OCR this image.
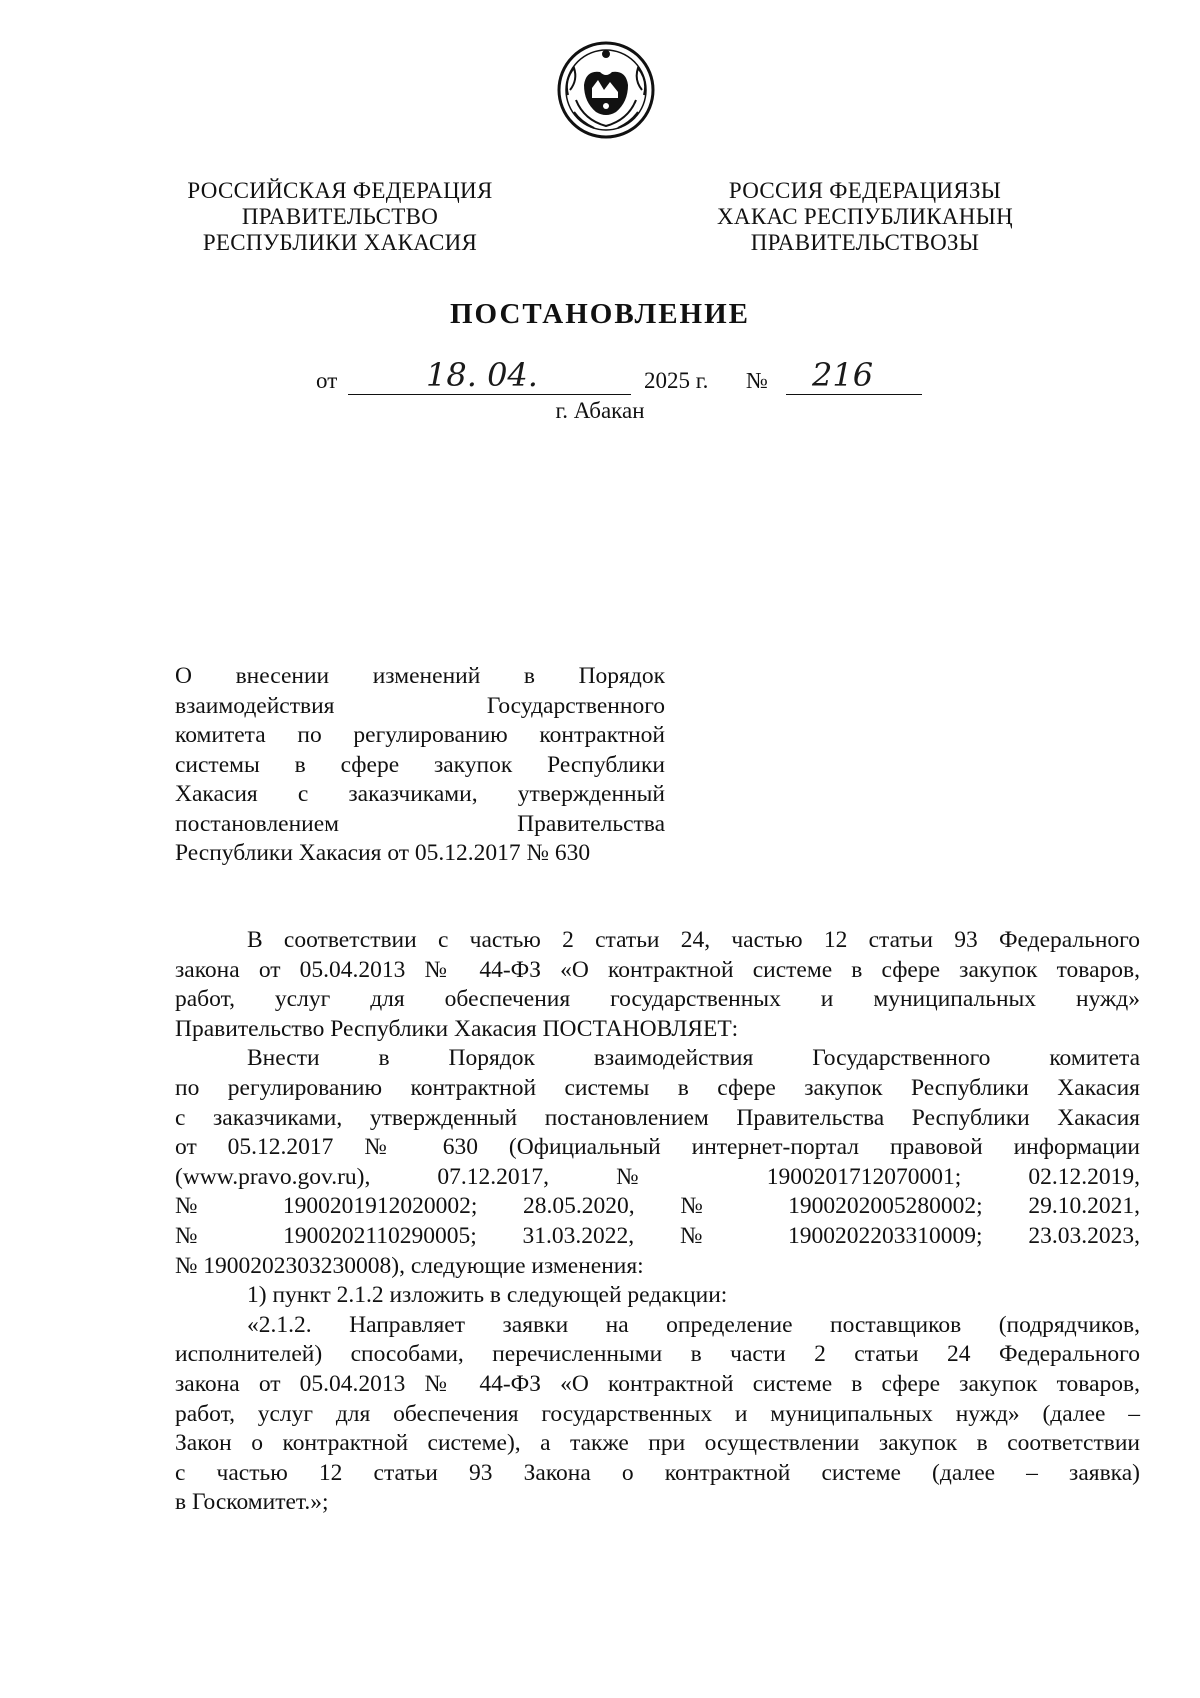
РОССИЙСКАЯ ФЕДЕРАЦИЯ
ПРАВИТЕЛЬСТВО
РЕСПУБЛИКИ ХАКАСИЯ
РОССИЯ ФЕДЕРАЦИЯЗЫ
ХАКАС РЕСПУБЛИКАНЫҢ
ПРАВИТЕЛЬСТВОЗЫ
ПОСТАНОВЛЕНИЕ
от	18. 04.	2025 г. № 216
г. Абакан
О внесении изменений в Порядок
взаимодействия Государственного
комитета по регулированию контрактной
системы в сфере закупок Республики
Хакасия с заказчиками, утвержденный
постановлением Правительства
Республики Хакасия от 05.12.2017 № 630
В соответствии с частью 2 статьи 24, частью 12 статьи 93 Федерального
закона от 05.04.2013 № 44-ФЗ «О контрактной системе в сфере закупок товаров,
работ, услуг для обеспечения государственных и муниципальных нужд»
Правительство Республики Хакасия ПОСТАНОВЛЯЕТ:
Внести в Порядок взаимодействия Государственного комитета
по регулированию контрактной системы в сфере закупок Республики Хакасия
с заказчиками, утвержденный постановлением Правительства Республики Хакасия
от 05.12.2017 № 630 (Официальный интернет-портал правовой информации
(www.pravo.gov.ru), 07.12.2017, № 1900201712070001; 02.12.2019,
№ 1900201912020002; 28.05.2020, № 1900202005280002; 29.10.2021,
№ 1900202110290005; 31.03.2022, № 1900202203310009; 23.03.2023,
№ 1900202303230008), следующие изменения:
1) пункт 2.1.2 изложить в следующей редакции:
«2.1.2. Направляет заявки на определение поставщиков (подрядчиков,
исполнителей) способами, перечисленными в части 2 статьи 24 Федерального
закона от 05.04.2013 № 44-ФЗ «О контрактной системе в сфере закупок товаров,
работ, услуг для обеспечения государственных и муниципальных нужд» (далее –
Закон о контрактной системе), а также при осуществлении закупок в соответствии
с частью 12 статьи 93 Закона о контрактной системе (далее – заявка)
в Госкомитет.»;
